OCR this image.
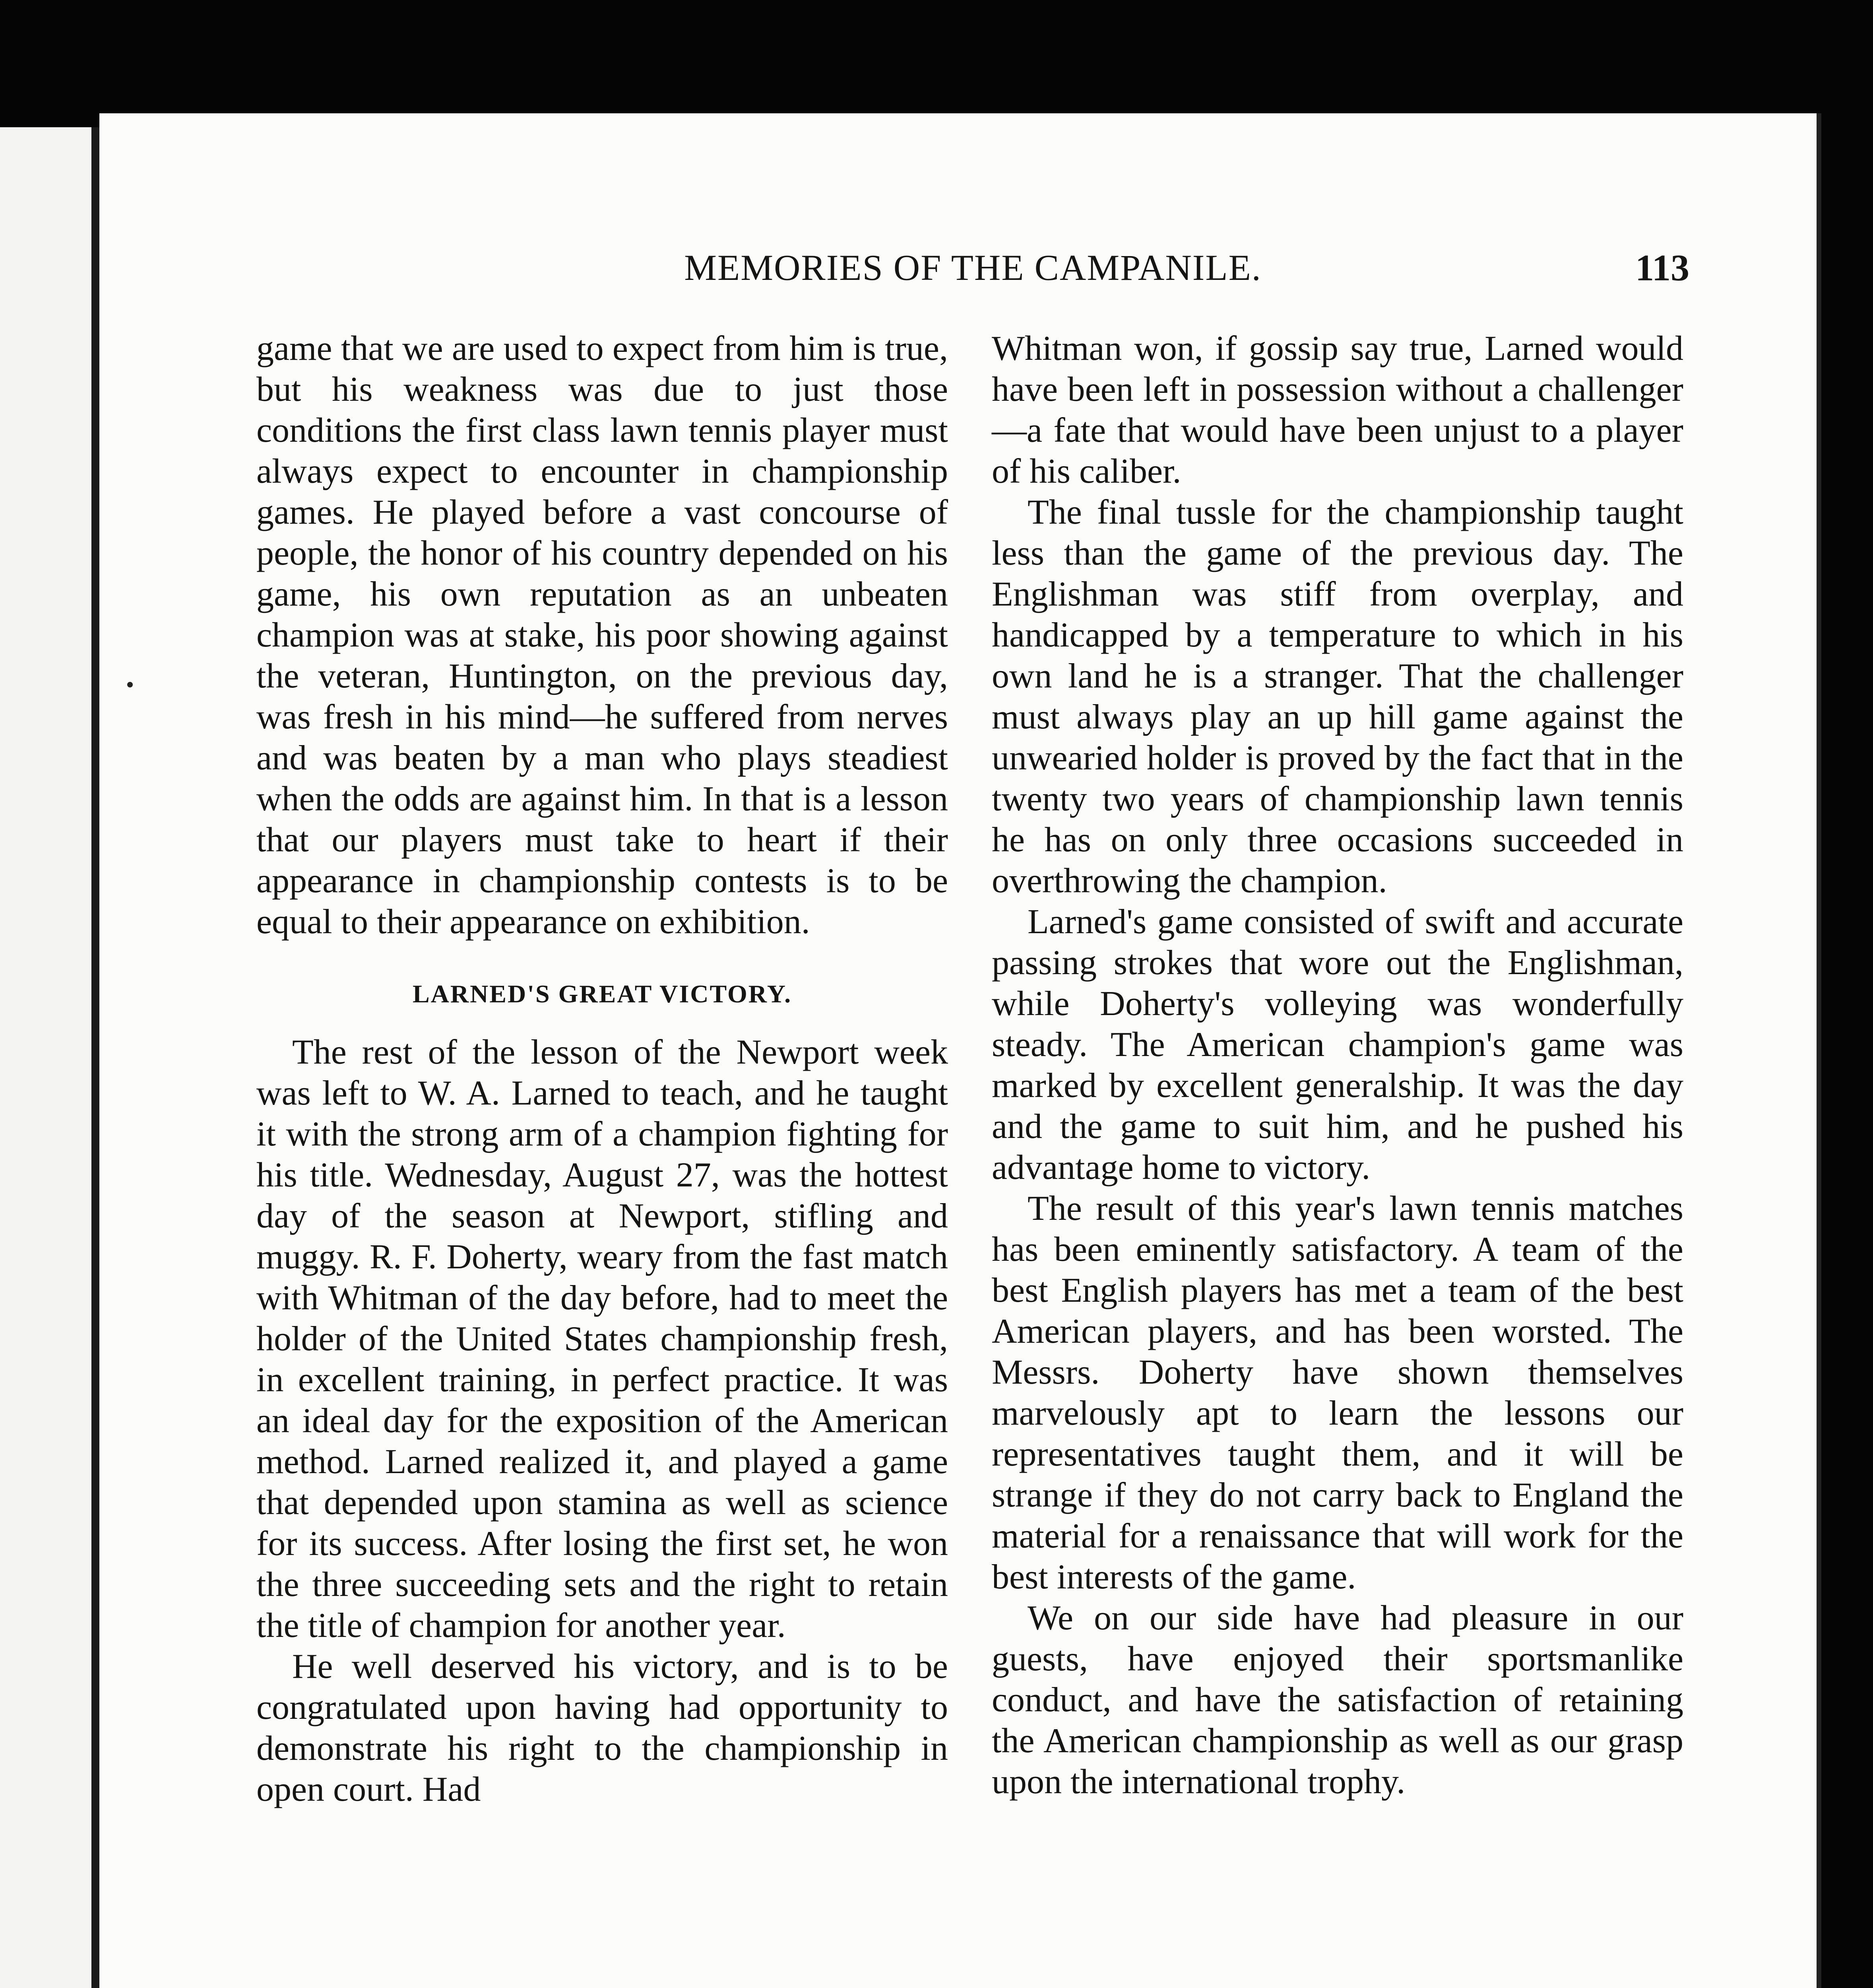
MEMORIES OF THE CAMPANILE.	113

game that we are used to expect from him is true, but his weakness was due to just those conditions the first class lawn tennis player must always expect to encounter in championship games. He played before a vast concourse of people, the honor of his country depended on his game, his own reputation as an unbeaten champion was at stake, his poor showing against the veteran, Huntington, on the previous day, was fresh in his mind—he suffered from nerves and was beaten by a man who plays steadiest when the odds are against him. In that is a lesson that our players must take to heart if their appearance in championship contests is to be equal to their appearance on exhibition.

LARNED'S GREAT VICTORY.

The rest of the lesson of the Newport week was left to W. A. Larned to teach, and he taught it with the strong arm of a champion fighting for his title. Wednesday, August 27, was the hottest day of the season at Newport, stifling and muggy. R. F. Doherty, weary from the fast match with Whitman of the day before, had to meet the holder of the United States championship fresh, in excellent training, in perfect practice. It was an ideal day for the exposition of the American method. Larned realized it, and played a game that depended upon stamina as well as science for its success. After losing the first set, he won the three succeeding sets and the right to retain the title of champion for another year.

He well deserved his victory, and is to be congratulated upon having had opportunity to demonstrate his right to the championship in open court. Had

Whitman won, if gossip say true, Larned would have been left in possession without a challenger—a fate that would have been unjust to a player of his caliber.

The final tussle for the championship taught less than the game of the previous day. The Englishman was stiff from overplay, and handicapped by a temperature to which in his own land he is a stranger. That the challenger must always play an up hill game against the unwearied holder is proved by the fact that in the twenty two years of championship lawn tennis he has on only three occasions succeeded in overthrowing the champion.

Larned's game consisted of swift and accurate passing strokes that wore out the Englishman, while Doherty's volleying was wonderfully steady. The American champion's game was marked by excellent generalship. It was the day and the game to suit him, and he pushed his advantage home to victory.

The result of this year's lawn tennis matches has been eminently satisfactory. A team of the best English players has met a team of the best American players, and has been worsted. The Messrs. Doherty have shown themselves marvelously apt to learn the lessons our representatives taught them, and it will be strange if they do not carry back to England the material for a renaissance that will work for the best interests of the game.

We on our side have had pleasure in our guests, have enjoyed their sportsmanlike conduct, and have the satisfaction of retaining the American championship as well as our grasp upon the international trophy.
